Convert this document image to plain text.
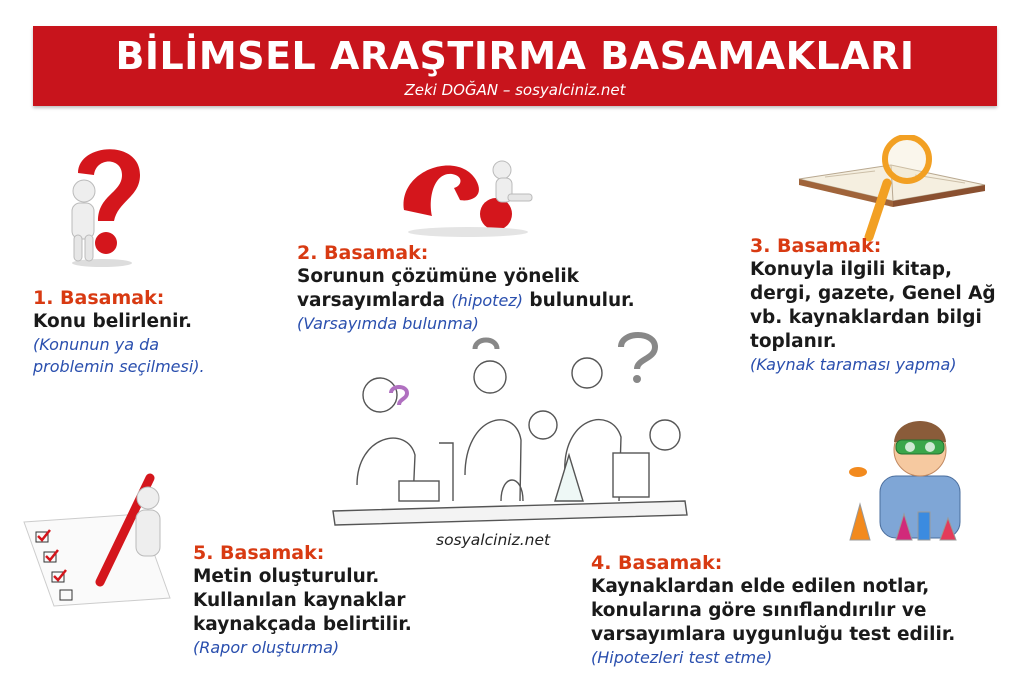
BİLİMSEL ARAŞTIRMA BASAMAKLARI
Zeki DOĞAN – sosyalciniz.net
1. Basamak:
Konu belirlenir.
(Konunun ya da problemin seçilmesi).
2. Basamak:
Sorunun çözümüne yönelik varsayımlarda (hipotez) bulunulur.
(Varsayımda bulunma)
3. Basamak:
Konuyla ilgili kitap, dergi, gazete, Genel Ağ vb. kaynaklardan bilgi toplanır.
(Kaynak taraması yapma)
4. Basamak:
Kaynaklardan elde edilen notlar, konularına göre sınıflandırılır ve varsayımlara uygunluğu test edilir.
(Hipotezleri test etme)
5. Basamak:
Metin oluşturulur. Kullanılan kaynaklar kaynakçada belirtilir.
(Rapor oluşturma)
sosyalciniz.net
